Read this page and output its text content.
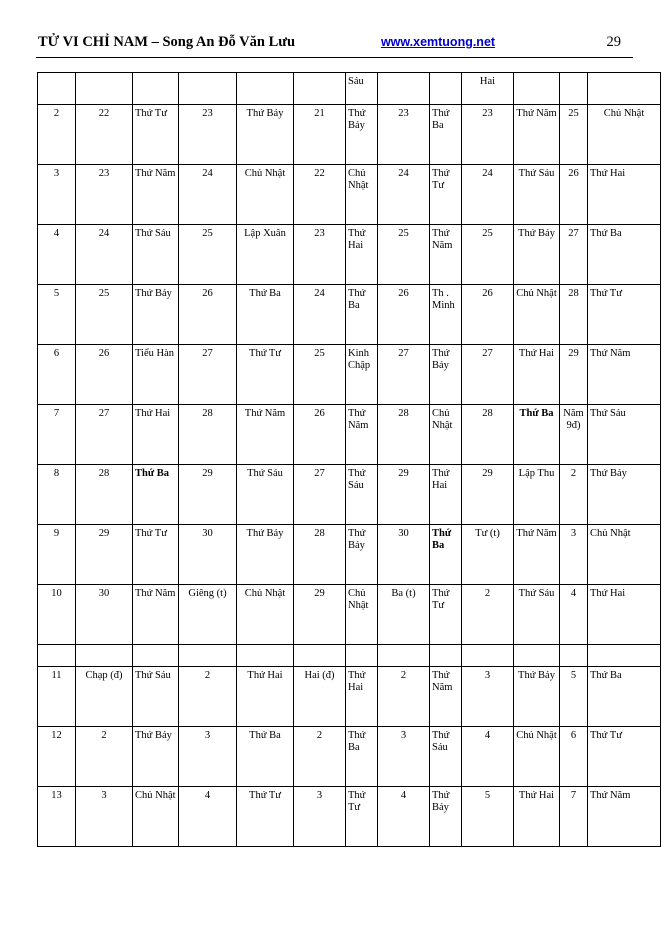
TỬ VI CHỈ NAM – Song An Đỗ Văn Lưu	www.xemtuong.net	29
						Sáu			Hai			
2	22	Thứ Tư	23	Thứ Bảy	21	Thứ Bảy	23	Thứ Ba	23	Thứ Năm	25	Chủ Nhật
3	23	Thứ Năm	24	Chủ Nhật	22	Chủ Nhật	24	Thứ Tư	24	Thứ Sáu	26	Thứ Hai
4	24	Thứ Sáu	25	Lập Xuân	23	Thứ Hai	25	Thứ Năm	25	Thứ Bảy	27	Thứ Ba
5	25	Thứ Bảy	26	Thứ Ba	24	Thứ Ba	26	Th . Minh	26	Chủ Nhật	28	Thứ Tư
6	26	Tiểu Hàn	27	Thứ Tư	25	Kinh Chập	27	Thứ Bảy	27	Thứ Hai	29	Thứ Năm
7	27	Thứ Hai	28	Thứ Năm	26	Thứ Năm	28	Chủ Nhật	28	Thứ Ba	Năm 9đ)	Thứ Sáu
8	28	Thứ Ba	29	Thứ Sáu	27	Thứ Sáu	29	Thứ Hai	29	Lập Thu	2	Thứ Bảy
9	29	Thứ Tư	30	Thứ Bảy	28	Thứ Bảy	30	Thứ Ba	Tư (t)	Thứ Năm	3	Chủ Nhật
10	30	Thứ Năm	Giêng (t)	Chủ Nhật	29	Chủ Nhật	Ba (t)	Thứ Tư	2	Thứ Sáu	4	Thứ Hai

11	Chạp (đ)	Thứ Sáu	2	Thứ Hai	Hai (đ)	Thứ Hai	2	Thứ Năm	3	Thứ Bảy	5	Thứ Ba
12	2	Thứ Bảy	3	Thứ Ba	2	Thứ Ba	3	Thứ Sáu	4	Chủ Nhật	6	Thứ Tư
13	3	Chủ Nhật	4	Thứ Tư	3	Thứ Tư	4	Thứ Bảy	5	Thứ Hai	7	Thứ Năm
